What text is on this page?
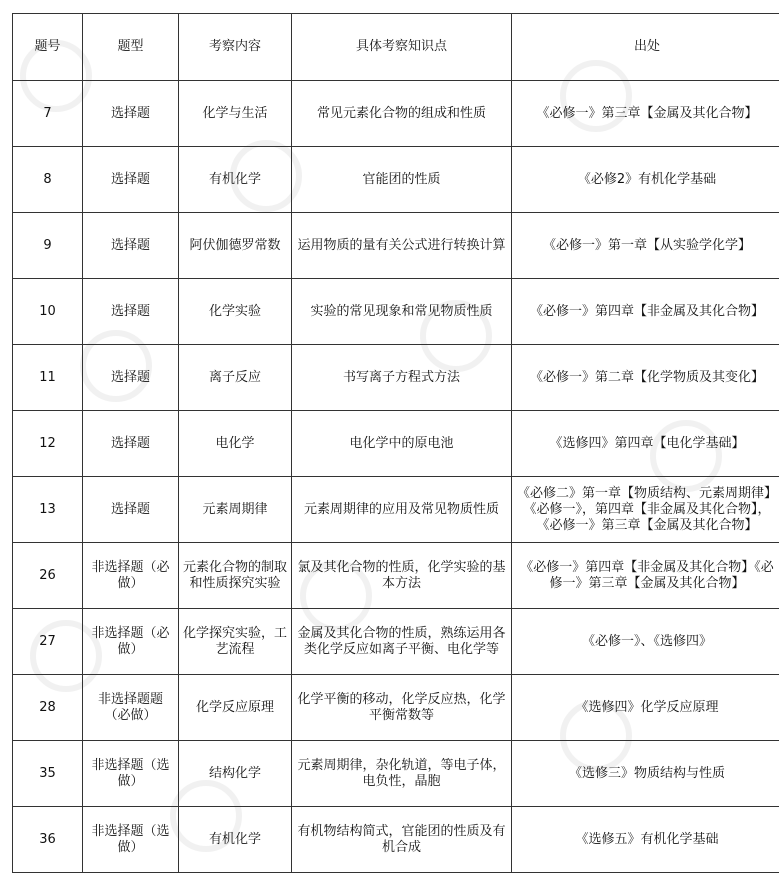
题号	题型	考察内容	具体考察知识点	出处
7	选择题	化学与生活	常见元素化合物的组成和性质	《必修一》第三章【金属及其化合物】
8	选择题	有机化学	官能团的性质	《必修2》有机化学基础
9	选择题	阿伏伽德罗常数	运用物质的量有关公式进行转换计算	《必修一》第一章【从实验学化学】
10	选择题	化学实验	实验的常见现象和常见物质性质	《必修一》第四章【非金属及其化合物】
11	选择题	离子反应	书写离子方程式方法	《必修一》第二章【化学物质及其变化】
12	选择题	电化学	电化学中的原电池	《选修四》第四章【电化学基础】
13	选择题	元素周期律	元素周期律的应用及常见物质性质	《必修二》第一章【物质结构、元素周期律】《必修一》，第四章【非金属及其化合物】，《必修一》第三章【金属及其化合物】
26	非选择题（必做）	元素化合物的制取和性质探究实验	氯及其化合物的性质，化学实验的基本方法	《必修一》第四章【非金属及其化合物】《必修一》第三章【金属及其化合物】
27	非选择题（必做）	化学探究实验，工艺流程	金属及其化合物的性质，熟练运用各类化学反应如离子平衡、电化学等	《必修一》、《选修四》
28	非选择题题（必做）	化学反应原理	化学平衡的移动，化学反应热，化学平衡常数等	《选修四》化学反应原理
35	非选择题（选做）	结构化学	元素周期律，杂化轨道，等电子体，电负性，晶胞	《选修三》物质结构与性质
36	非选择题（选做）	有机化学	有机物结构简式，官能团的性质及有机合成	《选修五》有机化学基础
